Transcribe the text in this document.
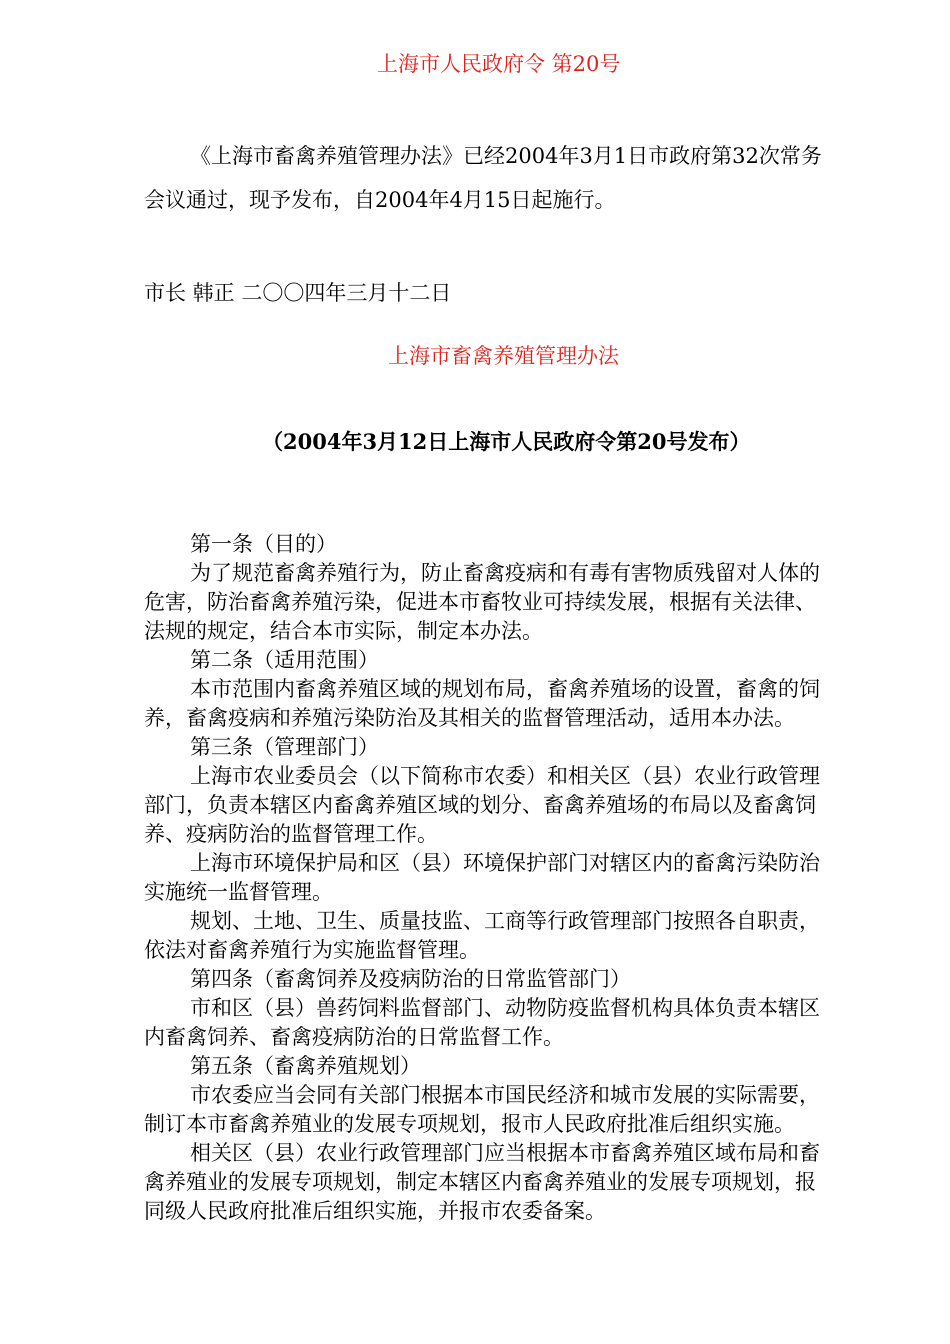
上海市人民政府令 第20号
《上海市畜禽养殖管理办法》已经2004年3月1日市政府第32次常务
会议通过，现予发布，自2004年4月15日起施行。
市长 韩正 二〇〇四年三月十二日
上海市畜禽养殖管理办法
（2004年3月12日上海市人民政府令第20号发布）
第一条（目的）
为了规范畜禽养殖行为，防止畜禽疫病和有毒有害物质残留对人体的
危害，防治畜禽养殖污染，促进本市畜牧业可持续发展，根据有关法律、
法规的规定，结合本市实际，制定本办法。
第二条（适用范围）
本市范围内畜禽养殖区域的规划布局，畜禽养殖场的设置，畜禽的饲
养，畜禽疫病和养殖污染防治及其相关的监督管理活动，适用本办法。
第三条（管理部门）
上海市农业委员会（以下简称市农委）和相关区（县）农业行政管理
部门，负责本辖区内畜禽养殖区域的划分、畜禽养殖场的布局以及畜禽饲
养、疫病防治的监督管理工作。
上海市环境保护局和区（县）环境保护部门对辖区内的畜禽污染防治
实施统一监督管理。
规划、土地、卫生、质量技监、工商等行政管理部门按照各自职责，
依法对畜禽养殖行为实施监督管理。
第四条（畜禽饲养及疫病防治的日常监管部门）
市和区（县）兽药饲料监督部门、动物防疫监督机构具体负责本辖区
内畜禽饲养、畜禽疫病防治的日常监督工作。
第五条（畜禽养殖规划）
市农委应当会同有关部门根据本市国民经济和城市发展的实际需要，
制订本市畜禽养殖业的发展专项规划，报市人民政府批准后组织实施。
相关区（县）农业行政管理部门应当根据本市畜禽养殖区域布局和畜
禽养殖业的发展专项规划，制定本辖区内畜禽养殖业的发展专项规划，报
同级人民政府批准后组织实施，并报市农委备案。
